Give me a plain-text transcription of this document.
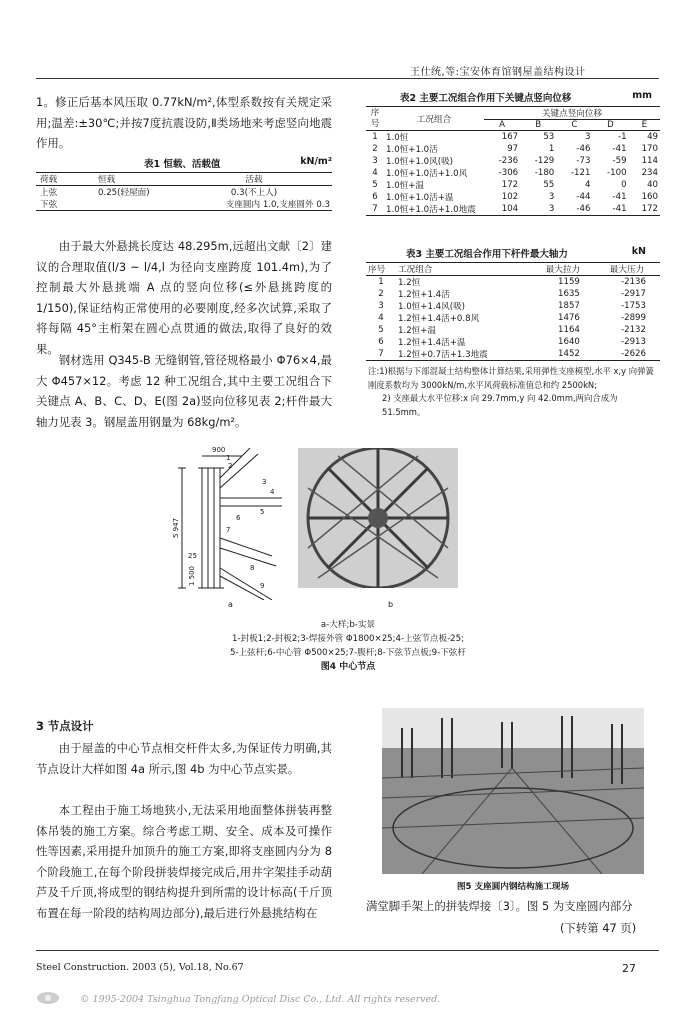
王仕统,等:宝安体育馆钢屋盖结构设计
1。修正后基本风压取 0.77kN/m²,体型系数按有关规定采用;温差:±30℃;并按7度抗震设防,Ⅱ类场地来考虑竖向地震作用。
表1 恒载、活载值	kN/m²
荷载	恒载	活载
上弦	0.25(轻屋面)	0.3(不上人)
下弦		支座圆内 1.0,支座圆外 0.3
由于最大外悬挑长度达 48.295m,远超出文献〔2〕建议的合理取值(l/3 ~ l/4,l 为径向支座跨度 101.4m),为了控制最大外悬挑端 A 点的竖向位移(≤外悬挑跨度的 1/150),保证结构正常使用的必要刚度,经多次试算,采取了将每隔 45°主桁架在圆心点贯通的做法,取得了良好的效果。
钢材选用 Q345-B 无缝钢管,管径规格最小 Φ76×4,最大 Φ457×12。考虑 12 种工况组合,其中主要工况组合下关键点 A、B、C、D、E(图 2a)竖向位移见表 2;杆件最大轴力见表 3。钢屋盖用钢量为 68kg/m²。
表2 主要工况组合作用下关键点竖向位移	mm
序号	工况组合	关键点竖向位移				
		A	B	C	D	E
1	1.0恒	167	53	3	-1	49
2	1.0恒+1.0活	97	1	-46	-41	170
3	1.0恒+1.0风(吸)	-236	-129	-73	-59	114
4	1.0恒+1.0活+1.0风	-306	-180	-121	-100	234
5	1.0恒+温	172	55	4	0	40
6	1.0恒+1.0活+温	102	3	-44	-41	160
7	1.0恒+1.0活+1.0地震	104	3	-46	-41	172
表3 主要工况组合作用下杆件最大轴力	kN
序号	工况组合	最大拉力	最大压力
1	1.2恒	1159	-2136
2	1.2恒+1.4活	1635	-2917
3	1.0恒+1.4风(吸)	1857	-1753
4	1.2恒+1.4活+0.8风	1476	-2899
5	1.2恒+温	1164	-2132
6	1.2恒+1.4活+温	1640	-2913
7	1.2恒+0.7活+1.3地震	1452	-2626
注:1)根据与下部混凝土结构整体计算结果,采用弹性支座模型,水平 x,y 向弹簧刚度系数均为 3000kN/m,水平风荷载标准值总和约 2500kN;
2) 支座最大水平位移:x 向 29.7mm,y 向 42.0mm,两向合成为 51.5mm。
900
1
2
5 947
1 500
25
3
4
5
6
7
8
9
a	b
a-大样;b-实景
1-封板1;2-封板2;3-焊接外管 Φ1800×25;4-上弦节点板-25;
5-上弦杆;6-中心管 Φ500×25;7-腹杆;8-下弦节点板;9-下弦杆
图4 中心节点
3 节点设计
由于屋盖的中心节点相交杆件太多,为保证传力明确,其节点设计大样如图 4a 所示,图 4b 为中心节点实景。
本工程由于施工场地狭小,无法采用地面整体拼装再整体吊装的施工方案。综合考虑工期、安全、成本及可操作性等因素,采用提升加顶升的施工方案,即将支座圆内分为 8 个阶段施工,在每个阶段拼装焊接完成后,用井字架挂手动葫芦及千斤顶,将成型的钢结构提升到所需的设计标高(千斤顶布置在每一阶段的结构周边部分),最后进行外悬挑结构在
图5 支座圆内钢结构施工现场
满堂脚手架上的拼装焊接〔3〕。图 5 为支座圆内部分
(下转第 47 页)
Steel Construction. 2003 (5), Vol.18, No.67	27
© 1995-2004 Tsinghua Tongfang Optical Disc Co., Ltd. All rights reserved.
